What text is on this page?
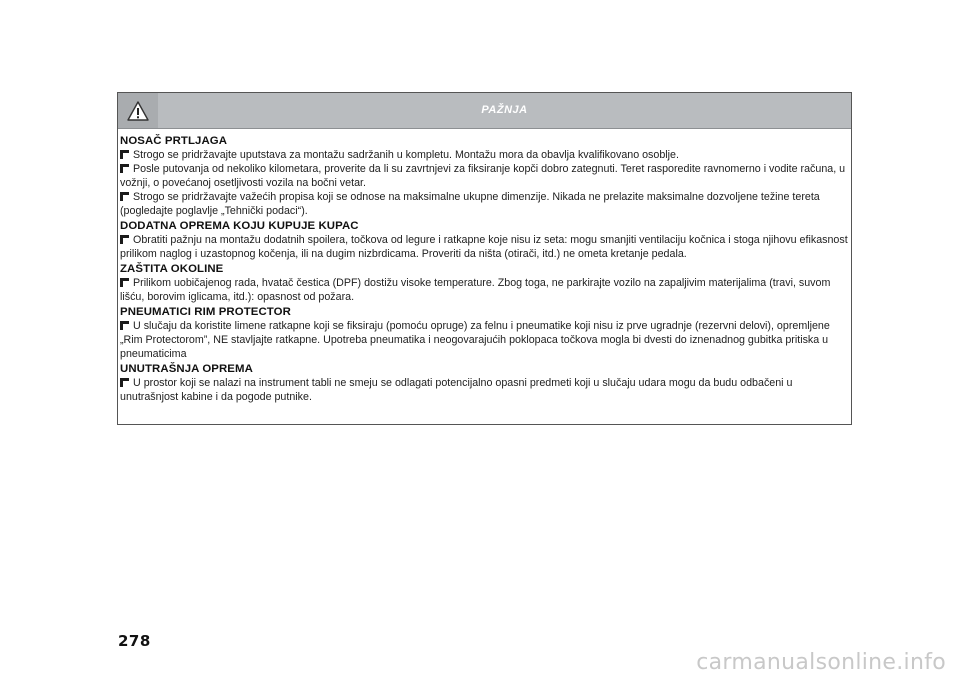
PAŽNJA
NOSAČ PRTLJAGA

Strogo se pridržavajte uputstava za montažu sadržanih u kompletu. Montažu mora da obavlja kvalifikovano osoblje.

Posle putovanja od nekoliko kilometara, proverite da li su zavrtnjevi za fiksiranje kopči dobro zategnuti. Teret rasporedite ravnomerno i vodite računa, u vožnji, o povećanoj osetljivosti vozila na bočni vetar.

Strogo se pridržavajte važećih propisa koji se odnose na maksimalne ukupne dimenzije. Nikada ne prelazite maksimalne dozvoljene težine tereta (pogledajte poglavlje „Tehnički podaci“).

DODATNA OPREMA KOJU KUPUJE KUPAC

Obratiti pažnju na montažu dodatnih spoilera, točkova od legure i ratkapne koje nisu iz seta: mogu smanjiti ventilaciju kočnica i stoga njihovu efikasnost prilikom naglog i uzastopnog kočenja, ili na dugim nizbrdicama. Proveriti da ništa (otirači, itd.) ne ometa kretanje pedala.

ZAŠTITA OKOLINE

Prilikom uobičajenog rada, hvatač čestica (DPF) dostižu visoke temperature. Zbog toga, ne parkirajte vozilo na zapaljivim materijalima (travi, suvom lišću, borovim iglicama, itd.): opasnost od požara.

PNEUMATICI RIM PROTECTOR

U slučaju da koristite limene ratkapne koji se fiksiraju (pomoću opruge) za felnu i pneumatike koji nisu iz prve ugradnje (rezervni delovi), opremljene „Rim Protectorom”, NE stavljajte ratkapne. Upotreba pneumatika i neogovarajućih poklopaca točkova mogla bi dvesti do iznenadnog gubitka pritiska u pneumaticima

UNUTRAŠNJA OPREMA

U prostor koji se nalazi na instrument tabli ne smeju se odlagati potencijalno opasni predmeti koji u slučaju udara mogu da budu odbačeni u unutrašnjost kabine i da pogode putnike.

278
carmanualsonline.info
